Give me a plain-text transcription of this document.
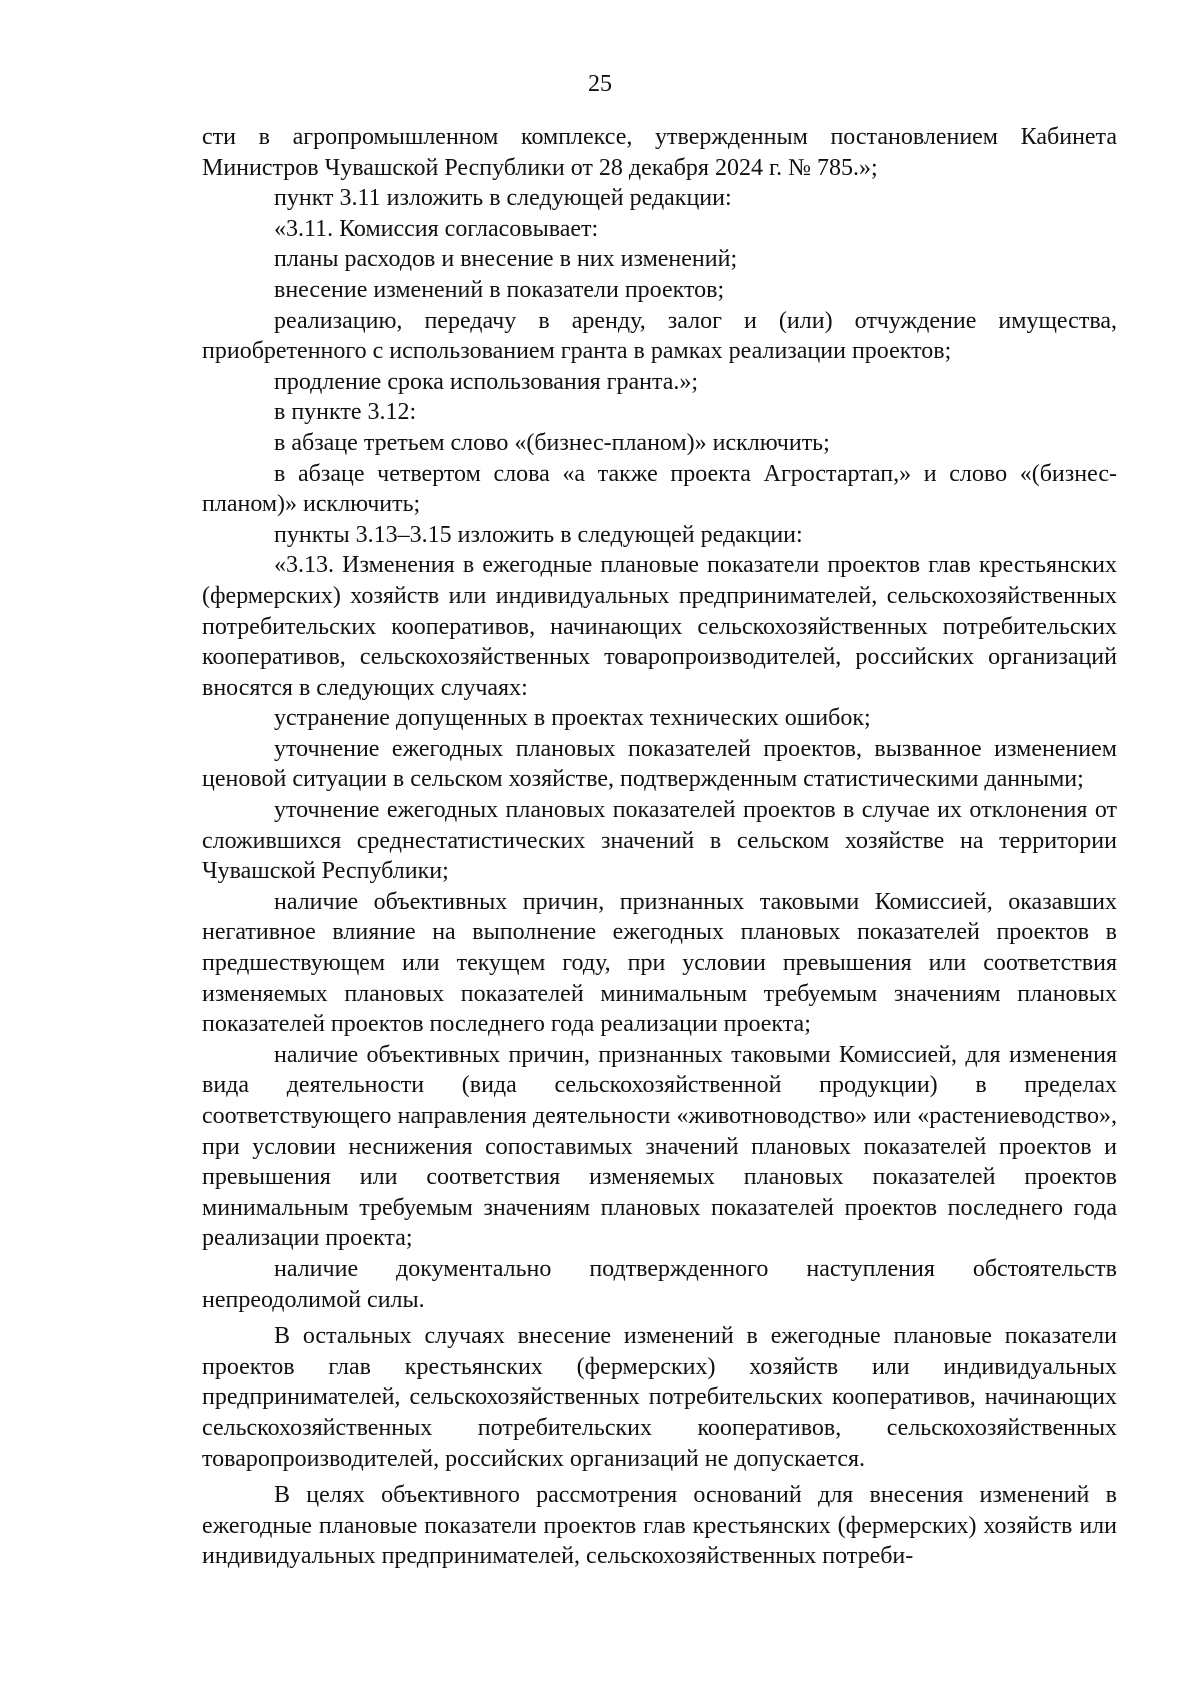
25

сти в агропромышленном комплексе, утвержденным постановлением Кабинета Министров Чувашской Республики от 28 декабря 2024 г. № 785.»;

пункт 3.11 изложить в следующей редакции:

«3.11. Комиссия согласовывает:

планы расходов и внесение в них изменений;

внесение изменений в показатели проектов;

реализацию, передачу в аренду, залог и (или) отчуждение имущества, приобретенного с использованием гранта в рамках реализации проектов;

продление срока использования гранта.»;

в пункте 3.12:

в абзаце третьем слово «(бизнес-планом)» исключить;

в абзаце четвертом слова «а также проекта Агростартап,» и слово «(бизнес-планом)» исключить;

пункты 3.13–3.15 изложить в следующей редакции:

«3.13. Изменения в ежегодные плановые показатели проектов глав крестьянских (фермерских) хозяйств или индивидуальных предпринимателей, сельскохозяйственных потребительских кооперативов, начинающих сельскохозяйственных потребительских кооперативов, сельскохозяйственных товаропроизводителей, российских организаций вносятся в следующих случаях:

устранение допущенных в проектах технических ошибок;

уточнение ежегодных плановых показателей проектов, вызванное изменением ценовой ситуации в сельском хозяйстве, подтвержденным статистическими данными;

уточнение ежегодных плановых показателей проектов в случае их отклонения от сложившихся среднестатистических значений в сельском хозяйстве на территории Чувашской Республики;

наличие объективных причин, признанных таковыми Комиссией, оказавших негативное влияние на выполнение ежегодных плановых показателей проектов в предшествующем или текущем году, при условии превышения или соответствия изменяемых плановых показателей минимальным требуемым значениям плановых показателей проектов последнего года реализации проекта;

наличие объективных причин, признанных таковыми Комиссией, для изменения вида деятельности (вида сельскохозяйственной продукции) в пределах соответствующего направления деятельности «животноводство» или «растениеводство», при условии неснижения сопоставимых значений плановых показателей проектов и превышения или соответствия изменяемых плановых показателей проектов минимальным требуемым значениям плановых показателей проектов последнего года реализации проекта;

наличие документально подтвержденного наступления обстоятельств непреодолимой силы.

В остальных случаях внесение изменений в ежегодные плановые показатели проектов глав крестьянских (фермерских) хозяйств или индивидуальных предпринимателей, сельскохозяйственных потребительских кооперативов, начинающих сельскохозяйственных потребительских кооперативов, сельскохозяйственных товаропроизводителей, российских организаций не допускается.

В целях объективного рассмотрения оснований для внесения изменений в ежегодные плановые показатели проектов глав крестьянских (фермерских) хозяйств или индивидуальных предпринимателей, сельскохозяйственных потреби-
